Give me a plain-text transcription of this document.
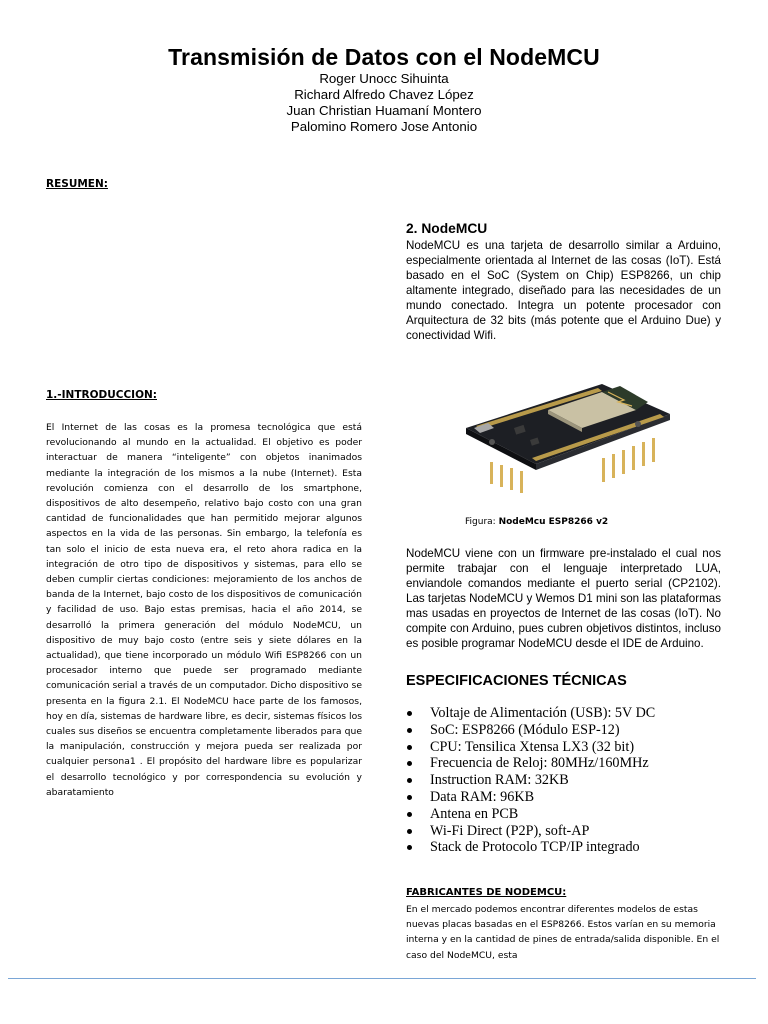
Transmisión de Datos con el NodeMCU
Roger Unocc Sihuinta
Richard Alfredo Chavez López
Juan Christian Huamaní Montero
Palomino Romero Jose Antonio
RESUMEN:
1.-INTRODUCCION:
El Internet de las cosas es la promesa tecnológica que está revolucionando al mundo en la actualidad. El objetivo es poder interactuar de manera “inteligente” con objetos inanimados mediante la integración de los mismos a la nube (Internet). Esta revolución comienza con el desarrollo de los smartphone, dispositivos de alto desempeño, relativo bajo costo con una gran cantidad de funcionalidades que han permitido mejorar algunos aspectos en la vida de las personas. Sin embargo, la telefonía es tan solo el inicio de esta nueva era, el reto ahora radica en la integración de otro tipo de dispositivos y sistemas, para ello se deben cumplir ciertas condiciones: mejoramiento de los anchos de banda de la Internet, bajo costo de los dispositivos de comunicación y facilidad de uso. Bajo estas premisas, hacia el año 2014, se desarrolló la primera generación del módulo NodeMCU, un dispositivo de muy bajo costo (entre seis y siete dólares en la actualidad), que tiene incorporado un módulo Wifi ESP8266 con un procesador interno que puede ser programado mediante comunicación serial a través de un computador. Dicho dispositivo se presenta en la figura 2.1. El NodeMCU hace parte de los famosos, hoy en día, sistemas de hardware libre, es decir, sistemas físicos los cuales sus diseños se encuentra completamente liberados para que la manipulación, construcción y mejora pueda ser realizada por cualquier persona1 . El propósito del hardware libre es popularizar el desarrollo tecnológico y por correspondencia su evolución y abaratamiento
2. NodeMCU
NodeMCU es una tarjeta de desarrollo similar a Arduino, especialmente orientada al Internet de las cosas (IoT). Está basado en el SoC (System on Chip) ESP8266, un chip altamente integrado, diseñado para las necesidades de un mundo conectado. Integra un potente procesador con Arquitectura de 32 bits (más potente que el Arduino Due) y conectividad Wifi.
Figura: NodeMcu ESP8266 v2
NodeMCU viene con un firmware pre-instalado el cual nos permite trabajar con el lenguaje interpretado LUA, enviandole comandos mediante el puerto serial (CP2102). Las tarjetas NodeMCU y Wemos D1 mini son las plataformas mas usadas en proyectos de Internet de las cosas (IoT). No compite con Arduino, pues cubren objetivos distintos, incluso es posible programar NodeMCU desde el IDE de Arduino.
ESPECIFICACIONES TÉCNICAS
Voltaje de Alimentación (USB): 5V DC
SoC: ESP8266 (Módulo ESP-12)
CPU: Tensilica Xtensa LX3 (32 bit)
Frecuencia de Reloj: 80MHz/160MHz
Instruction RAM: 32KB
Data RAM: 96KB
Antena en PCB
Wi-Fi Direct (P2P), soft-AP
Stack de Protocolo TCP/IP integrado
FABRICANTES DE NODEMCU:
En el mercado podemos encontrar diferentes modelos de estas nuevas placas basadas en el ESP8266. Estos varían en su memoria interna y en la cantidad de pines de entrada/salida disponible. En el caso del NodeMCU, esta
